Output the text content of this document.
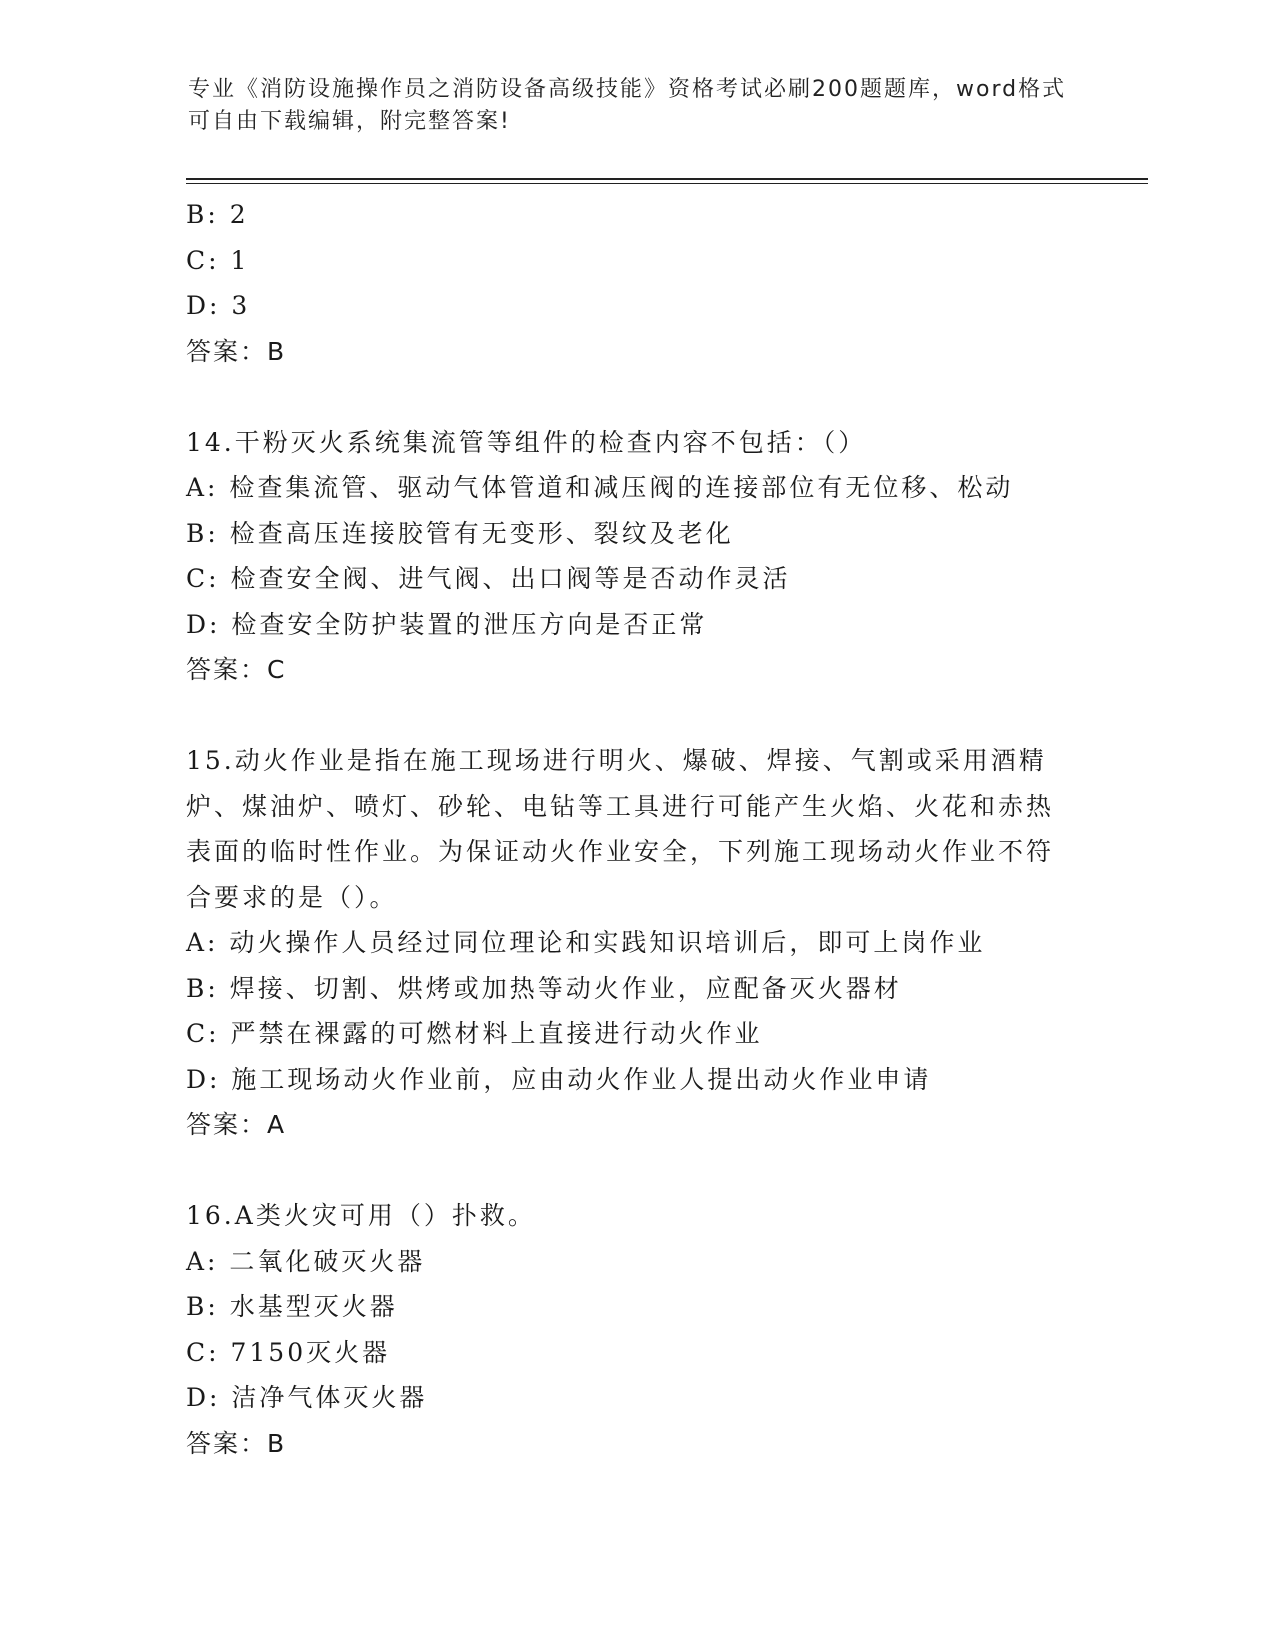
专业《消防设施操作员之消防设备高级技能》资格考试必刷200题题库，word格式可自由下载编辑，附完整答案!
B: 2
C: 1
D: 3
答案：B
14.干粉灭火系统集流管等组件的检查内容不包括：（）
A: 检查集流管、驱动气体管道和减压阀的连接部位有无位移、松动
B: 检查高压连接胶管有无变形、裂纹及老化
C: 检查安全阀、进气阀、出口阀等是否动作灵活
D: 检查安全防护装置的泄压方向是否正常
答案：C
15.动火作业是指在施工现场进行明火、爆破、焊接、气割或采用酒精炉、煤油炉、喷灯、砂轮、电钻等工具进行可能产生火焰、火花和赤热表面的临时性作业。为保证动火作业安全，下列施工现场动火作业不符合要求的是（）。
A: 动火操作人员经过同位理论和实践知识培训后，即可上岗作业
B: 焊接、切割、烘烤或加热等动火作业，应配备灭火器材
C: 严禁在裸露的可燃材料上直接进行动火作业
D: 施工现场动火作业前，应由动火作业人提出动火作业申请
答案：A
16.A类火灾可用（）扑救。
A: 二氧化破灭火器
B: 水基型灭火器
C: 7150灭火器
D: 洁净气体灭火器
答案：B
